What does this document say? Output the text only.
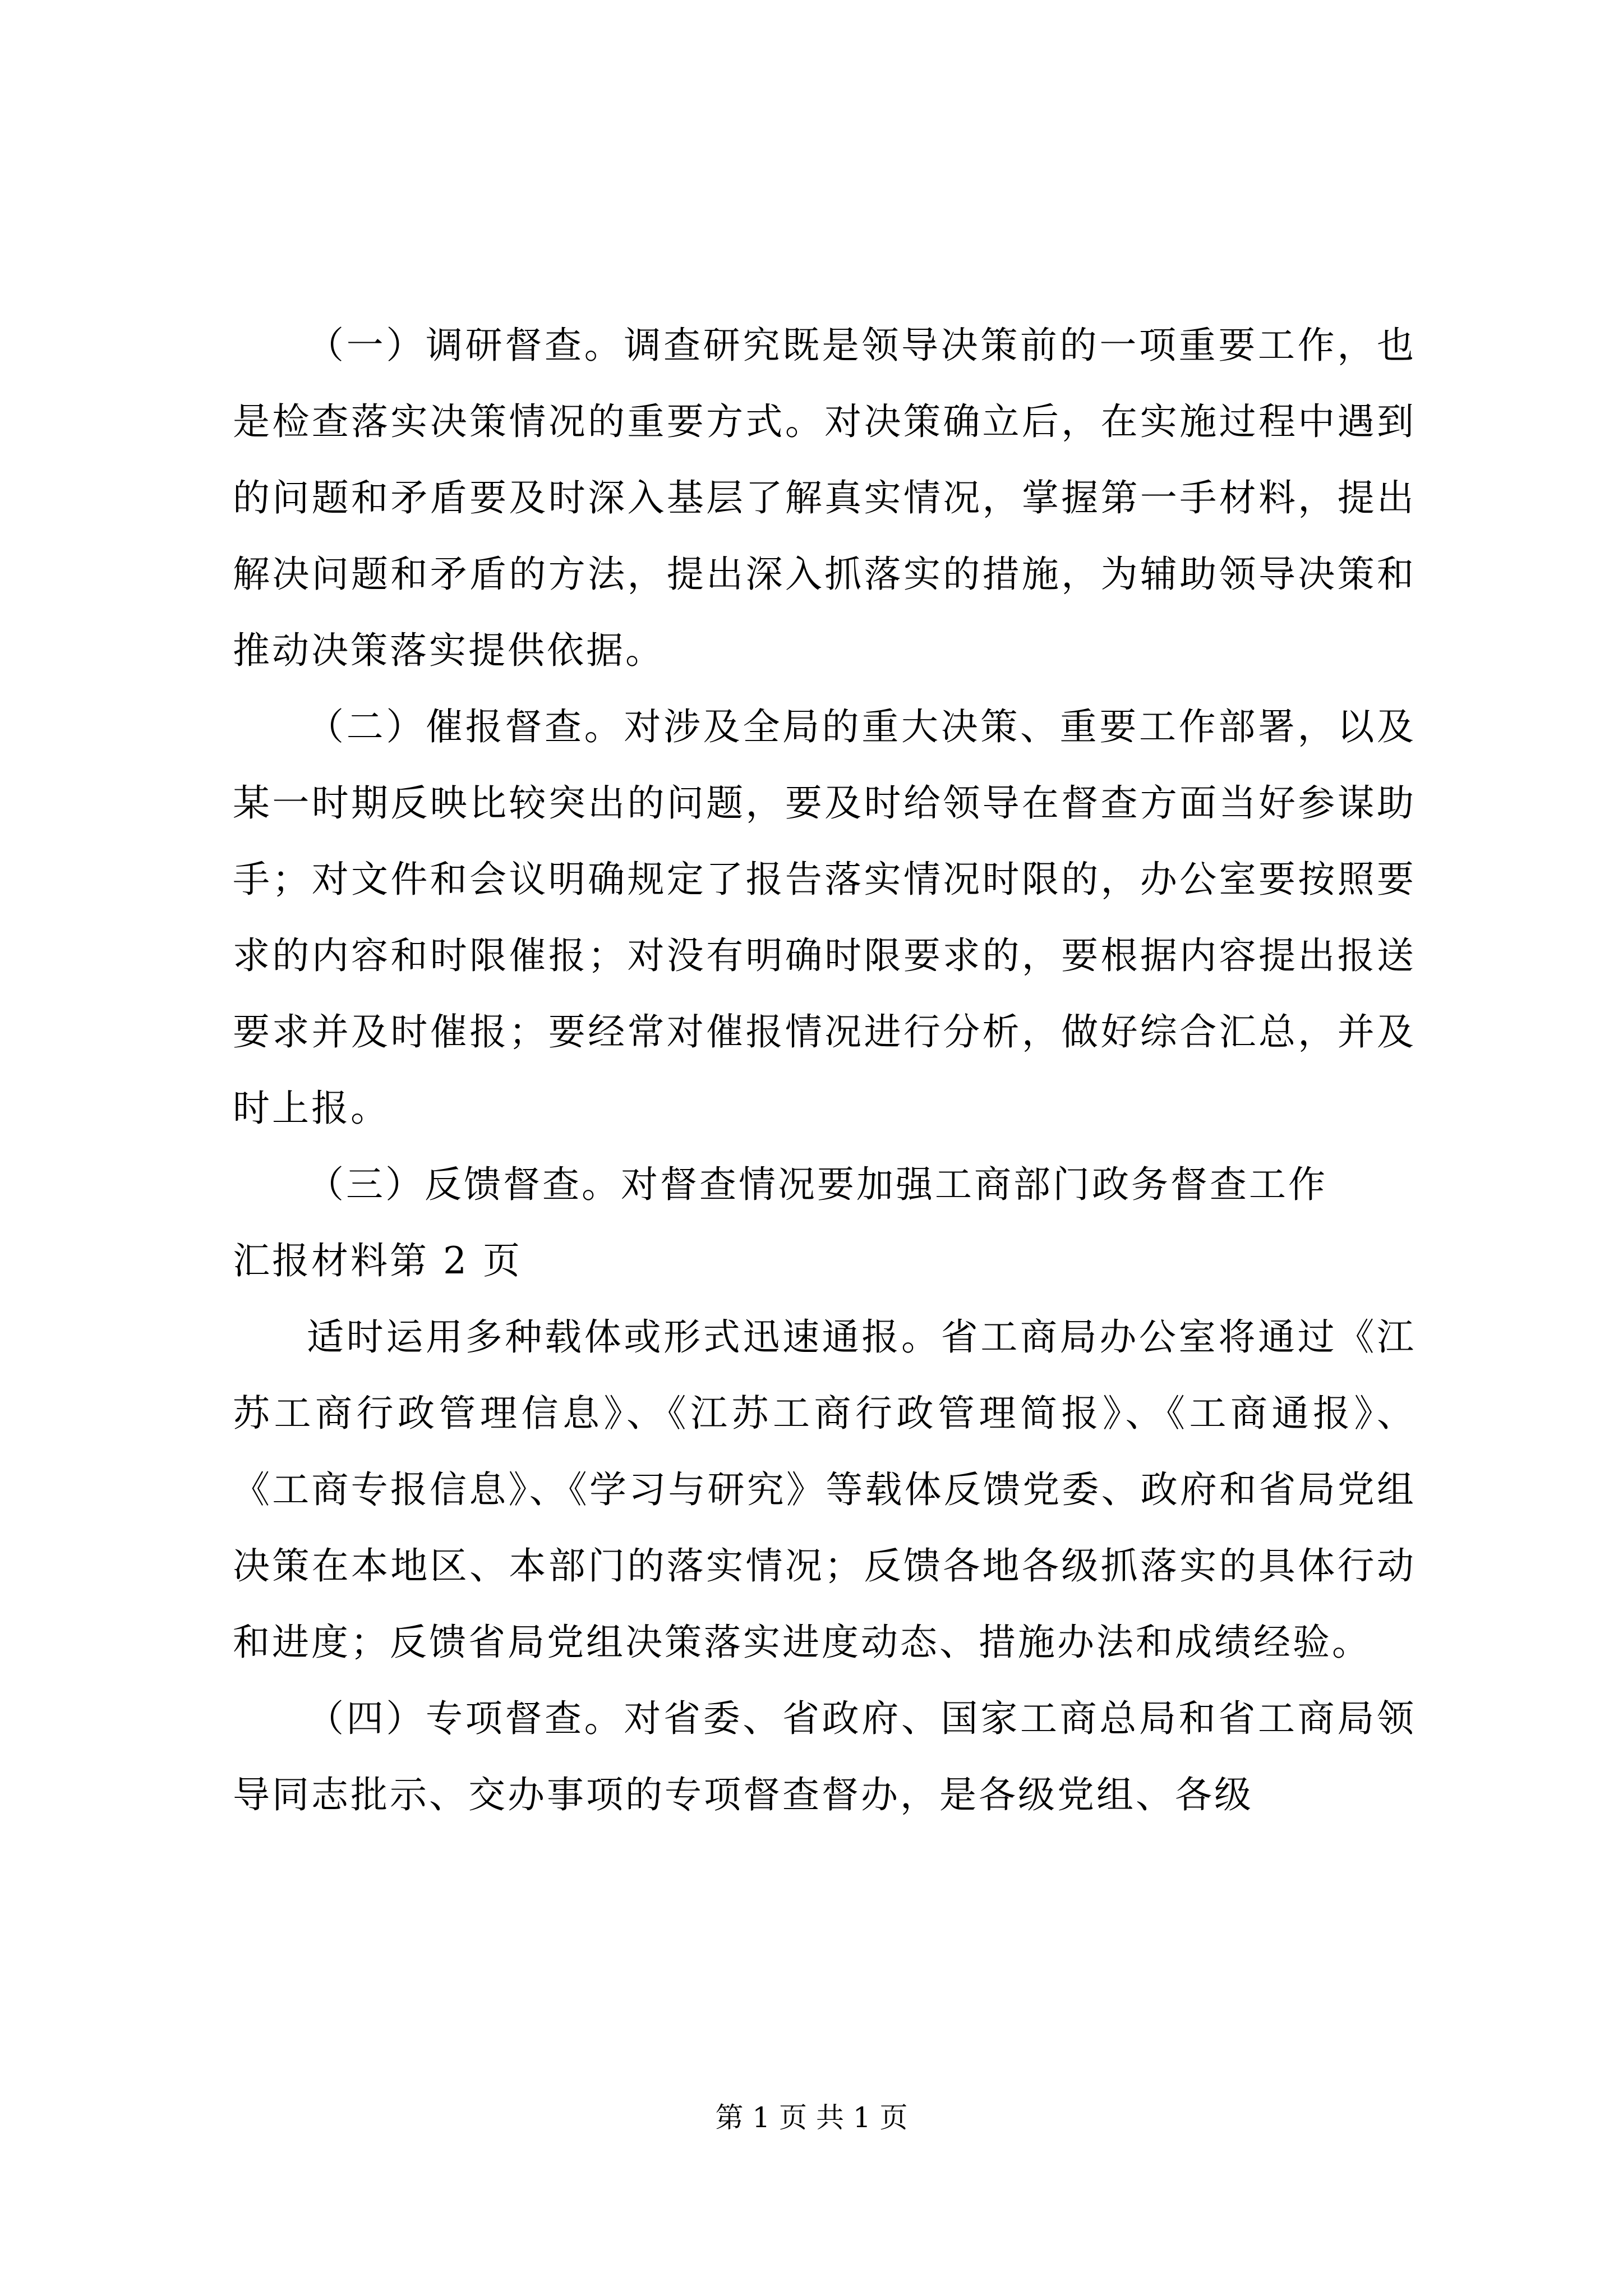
（一）调研督查。调查研究既是领导决策前的一项重要工作，也是检查落实决策情况的重要方式。对决策确立后，在实施过程中遇到的问题和矛盾要及时深入基层了解真实情况，掌握第一手材料，提出解决问题和矛盾的方法，提出深入抓落实的措施，为辅助领导决策和推动决策落实提供依据。

（二）催报督查。对涉及全局的重大决策、重要工作部署，以及某一时期反映比较突出的问题，要及时给领导在督查方面当好参谋助手；对文件和会议明确规定了报告落实情况时限的，办公室要按照要求的内容和时限催报；对没有明确时限要求的，要根据内容提出报送要求并及时催报；要经常对催报情况进行分析，做好综合汇总，并及时上报。

（三）反馈督查。对督查情况要加强工商部门政务督查工作
汇报材料第 2 页

适时运用多种载体或形式迅速通报。省工商局办公室将通过《江苏工商行政管理信息》、《江苏工商行政管理简报》、《工商通报》、《工商专报信息》、《学习与研究》等载体反馈党委、政府和省局党组决策在本地区、本部门的落实情况；反馈各地各级抓落实的具体行动和进度；反馈省局党组决策落实进度动态、措施办法和成绩经验。

（四）专项督查。对省委、省政府、国家工商总局和省工商局领导同志批示、交办事项的专项督查督办，是各级党组、各级

第 1 页 共 1 页
